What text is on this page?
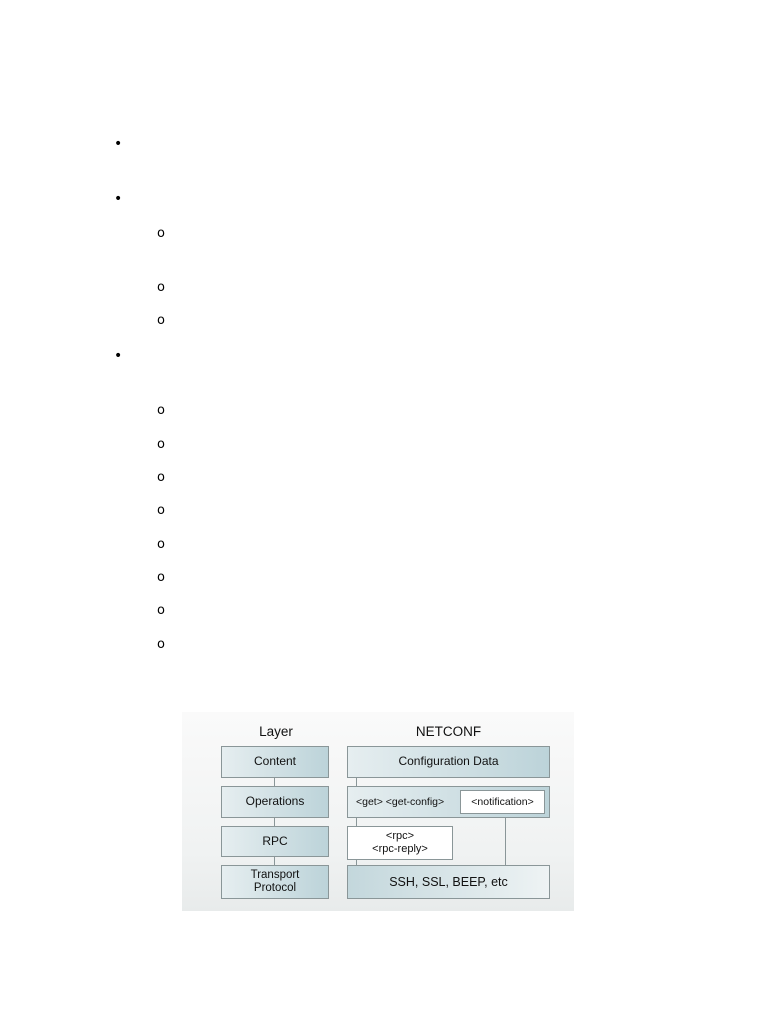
•
•
o
o
o
•
o
o
o
o
o
o
o
o
Layer	NETCONF
Content
Operations
RPC
Transport Protocol
Configuration Data
<get> <get-config>	<notification>
<rpc>
<rpc-reply>
SSH, SSL, BEEP, etc
